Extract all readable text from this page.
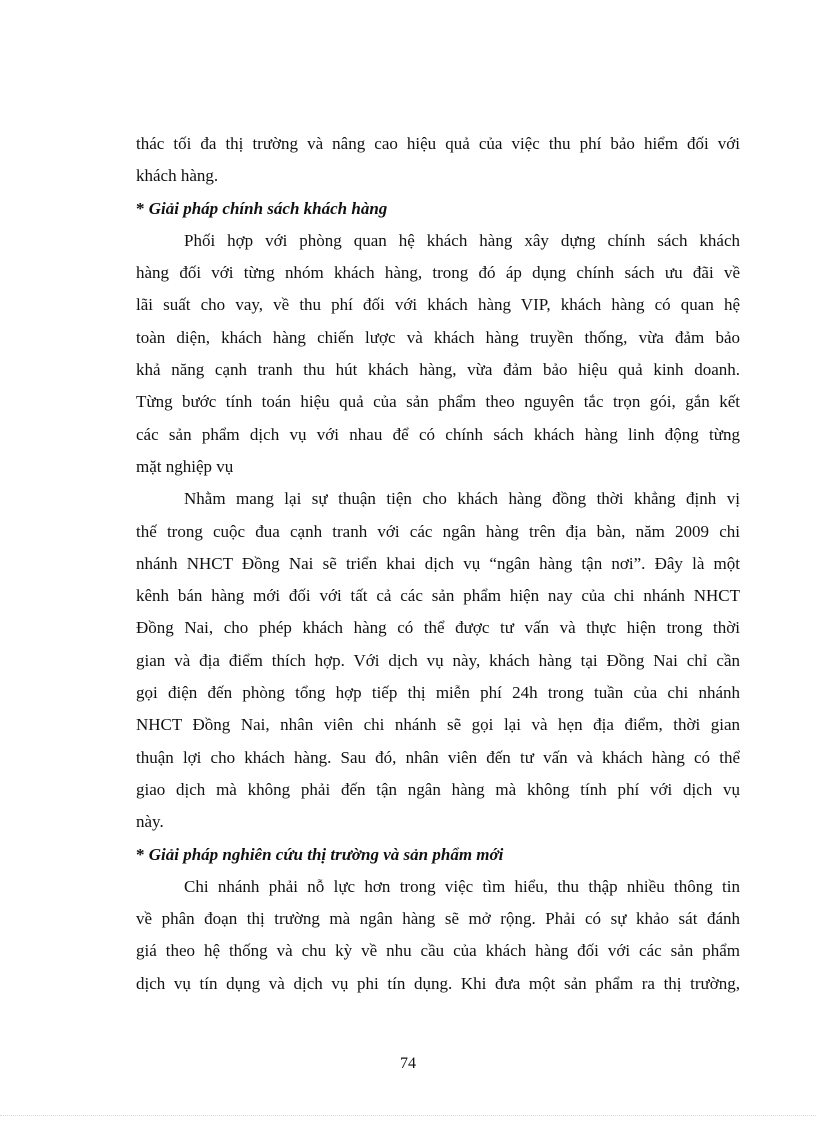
thác tối đa thị trường và nâng cao hiệu quả của việc thu phí bảo hiểm đối với
khách hàng.
* Giải pháp chính sách khách hàng
Phối hợp với phòng quan hệ khách hàng xây dựng chính sách khách
hàng đối với từng nhóm khách hàng, trong đó áp dụng chính sách ưu đãi về
lãi suất cho vay, về thu phí đối với khách hàng VIP, khách hàng có quan hệ
toàn diện, khách hàng chiến lược và khách hàng truyền thống, vừa đảm bảo
khả năng cạnh tranh thu hút khách hàng, vừa đảm bảo hiệu quả kinh doanh.
Từng bước tính toán hiệu quả của sản phẩm theo nguyên tắc trọn gói, gắn kết
các sản phẩm dịch vụ với nhau để có chính sách khách hàng linh động từng
mặt nghiệp vụ
Nhằm mang lại sự thuận tiện cho khách hàng đồng thời khẳng định vị
thế trong cuộc đua cạnh tranh với các ngân hàng trên địa bàn, năm 2009 chi
nhánh NHCT Đồng Nai sẽ triển khai dịch vụ “ngân hàng tận nơi”. Đây là một
kênh bán hàng mới đối với tất cả các sản phẩm hiện nay của chi nhánh NHCT
Đồng Nai, cho phép khách hàng có thể được tư vấn và thực hiện trong thời
gian và địa điểm thích hợp. Với dịch vụ này, khách hàng tại Đồng Nai chỉ cần
gọi điện đến phòng tổng hợp tiếp thị miễn phí 24h trong tuần của chi nhánh
NHCT Đồng Nai, nhân viên chi nhánh sẽ gọi lại và hẹn địa điểm, thời gian
thuận lợi cho khách hàng. Sau đó, nhân viên đến tư vấn và khách hàng có thể
giao dịch mà không phải đến tận ngân hàng mà không tính phí với dịch vụ
này.
* Giải pháp nghiên cứu thị trường và sản phẩm mới
Chi nhánh phải nỗ lực hơn trong việc tìm hiểu, thu thập nhiều thông tin
về phân đoạn thị trường mà ngân hàng sẽ mở rộng. Phải có sự khảo sát đánh
giá theo hệ thống và chu kỳ về nhu cầu của khách hàng đối với các sản phẩm
dịch vụ tín dụng và dịch vụ phi tín dụng. Khi đưa một sản phẩm ra thị trường,
74
